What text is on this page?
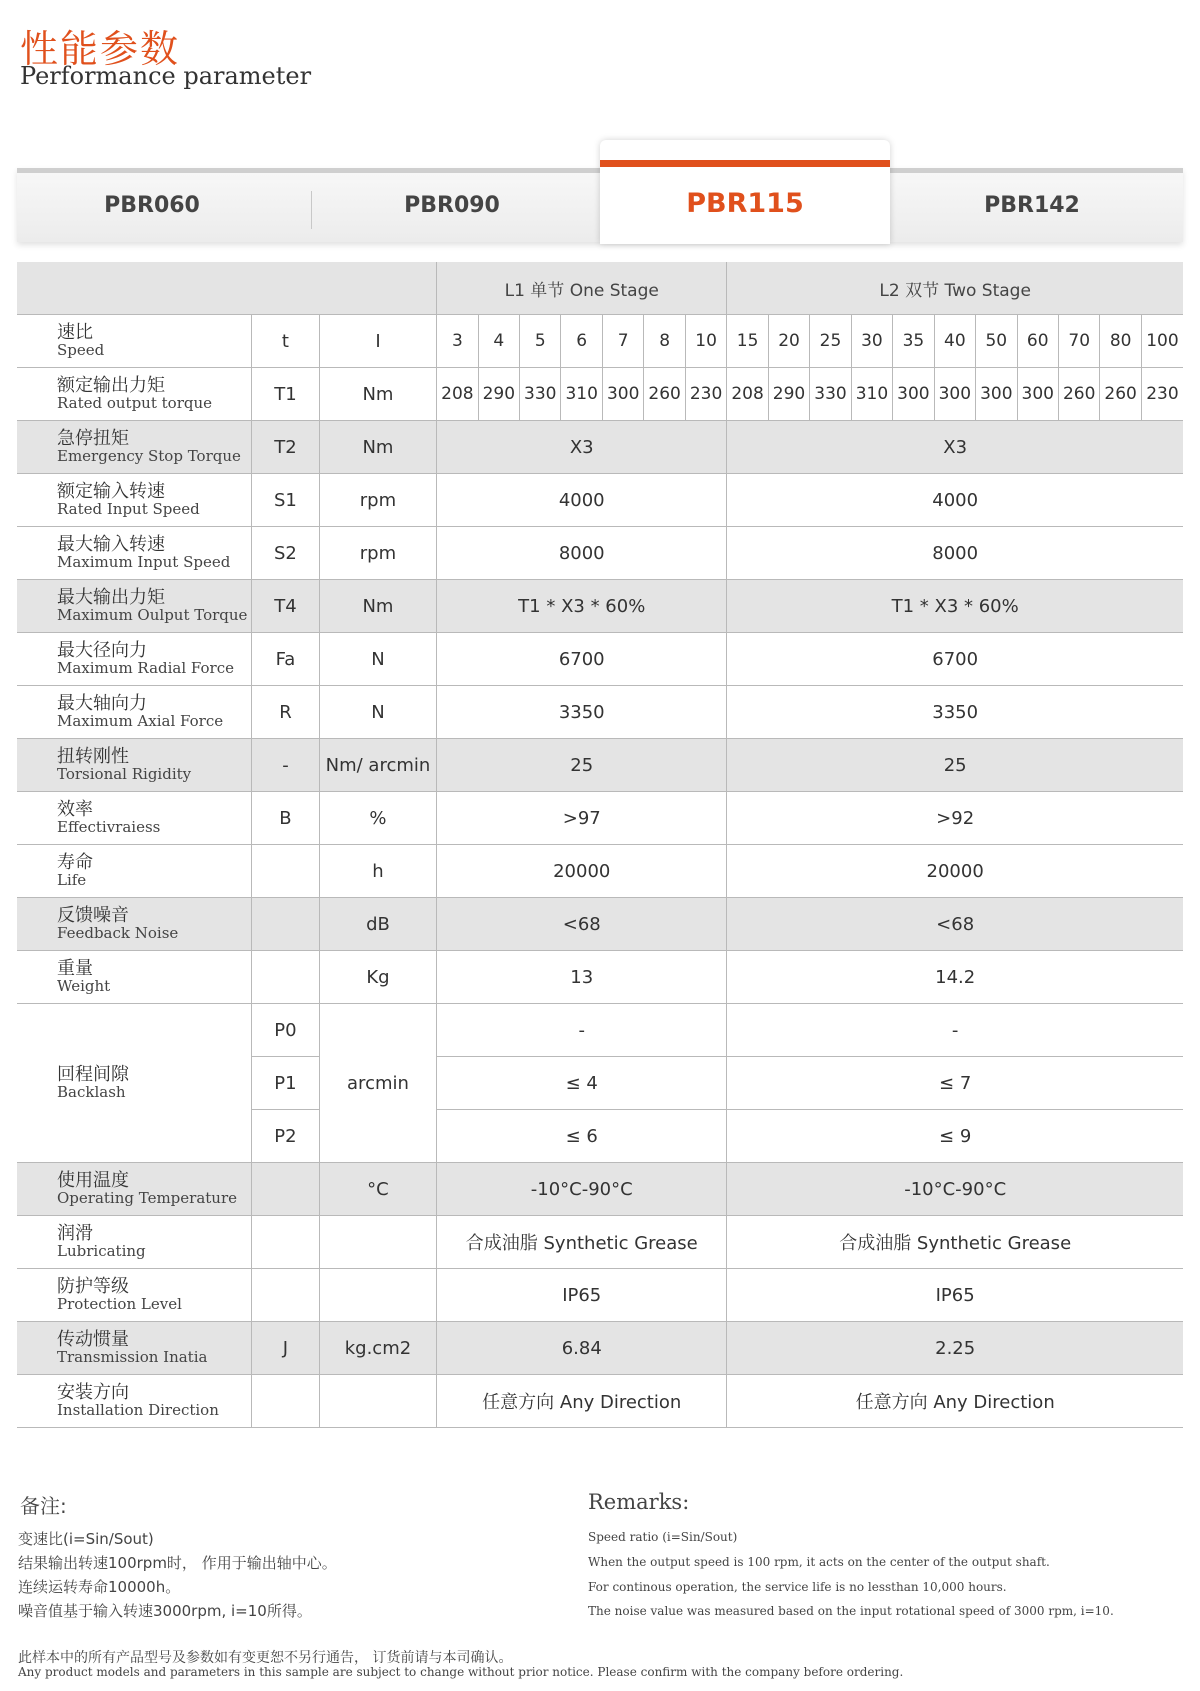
性能参数
Performance parameter
PBR060	PBR090	PBR142
PBR115
			L1 单节 One Stage							L2 双节 Two Stage										

速比
Speed	t	I	3	4	5	6	7	8	10	15	20	25	30	35	40	50	60	70	80	100

额定输出力矩
Rated output torque	T1	Nm	208	290	330	310	300	260	230	208	290	330	310	300	300	300	300	260	260	230

急停扭矩
Emergency Stop Torque	T2	Nm	X3							X3										

额定输入转速
Rated Input Speed	S1	rpm	4000							4000										

最大输入转速
Maximum Input Speed	S2	rpm	8000							8000										

最大输出力矩
Maximum Oulput Torque	T4	Nm	T1 * X3 * 60%							T1 * X3 * 60%										

最大径向力
Maximum Radial Force	Fa	N	6700							6700										

最大轴向力
Maximum Axial Force	R	N	3350							3350										

扭转刚性
Torsional Rigidity	-	Nm/ arcmin	25							25										

效率
Effectivraiess	B	%	>97							>92										

寿命
Life		h	20000							20000										

反馈噪音
Feedback Noise		dB	<68							<68										

重量
Weight		Kg	13							14.2										

回程间隙
Backlash	P0	arcmin	-							-										
	P1		≤ 4							≤ 7										
	P2		≤ 6							≤ 9										

使用温度
Operating Temperature		°C	-10°C-90°C							-10°C-90°C										

润滑
Lubricating			合成油脂 Synthetic Grease							合成油脂 Synthetic Grease										

防护等级
Protection Level			IP65							IP65										

传动惯量
Transmission Inatia	J	kg.cm2	6.84							2.25										

安装方向
Installation Direction			任意方向 Any Direction							任意方向 Any Direction										
备注:	Remarks:
变速比(i=Sin/Sout)
结果输出转速100rpm时， 作用于输出轴中心。
连续运转寿命10000h。
噪音值基于输入转速3000rpm, i=10所得。
Speed ratio (i=Sin/Sout)
When the output speed is 100 rpm, it acts on the center of the output shaft.
For continous operation, the service life is no lessthan 10,000 hours.
The noise value was measured based on the input rotational speed of 3000 rpm, i=10.
此样本中的所有产品型号及参数如有变更恕不另行通告， 订货前请与本司确认。
Any product models and parameters in this sample are subject to change without prior notice. Please confirm with the company before ordering.
